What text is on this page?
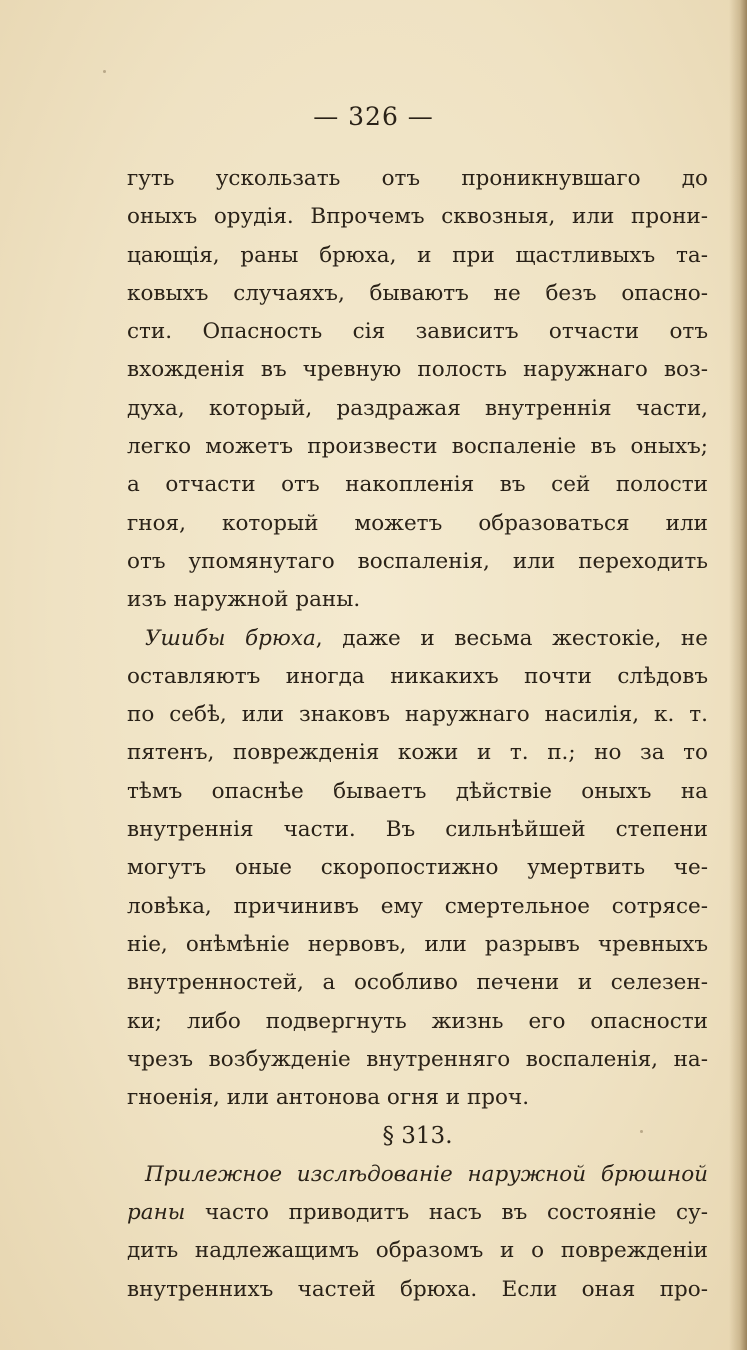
— 326 —
гуть ускользать отъ проникнувшаго до
оныхъ орудія. Впрочемъ сквозныя, или прони-
цающія, раны брюха, и при щастливыхъ та-
ковыхъ случаяхъ, бываютъ не безъ опасно-
сти. Опасность сія зависитъ отчасти отъ
вхожденія въ чревную полость наружнаго воз-
духа, который, раздражая внутреннія части,
легко можетъ произвести воспаленіе въ оныхъ;
а отчасти отъ накопленія въ сей полости
гноя, который можетъ образоваться или
отъ упомянутаго воспаленія, или переходить
изъ наружной раны.
Ушибы брюха, даже и весьма жестокіе, не
оставляютъ иногда никакихъ почти слѣдовъ
по себѣ, или знаковъ наружнаго насилія, к. т.
пятенъ, поврежденія кожи и т. п.; но за то
тѣмъ опаснѣе бываетъ дѣйствіе оныхъ на
внутреннія части. Въ сильнѣйшей степени
могутъ оные скоропостижно умертвить че-
ловѣка, причинивъ ему смертельное сотрясе-
ніе, онѣмѣніе нервовъ, или разрывъ чревныхъ
внутренностей, а особливо печени и селезен-
ки; либо подвергнуть жизнь его опасности
чрезъ возбужденіе внутренняго воспаленія, на-
гноенія, или антонова огня и проч.
§ 313.
Прилежное изслѣдованіе наружной брюшной
раны часто приводитъ насъ въ состояніе су-
дить надлежащимъ образомъ и о поврежденіи
внутреннихъ частей брюха. Если оная про-
